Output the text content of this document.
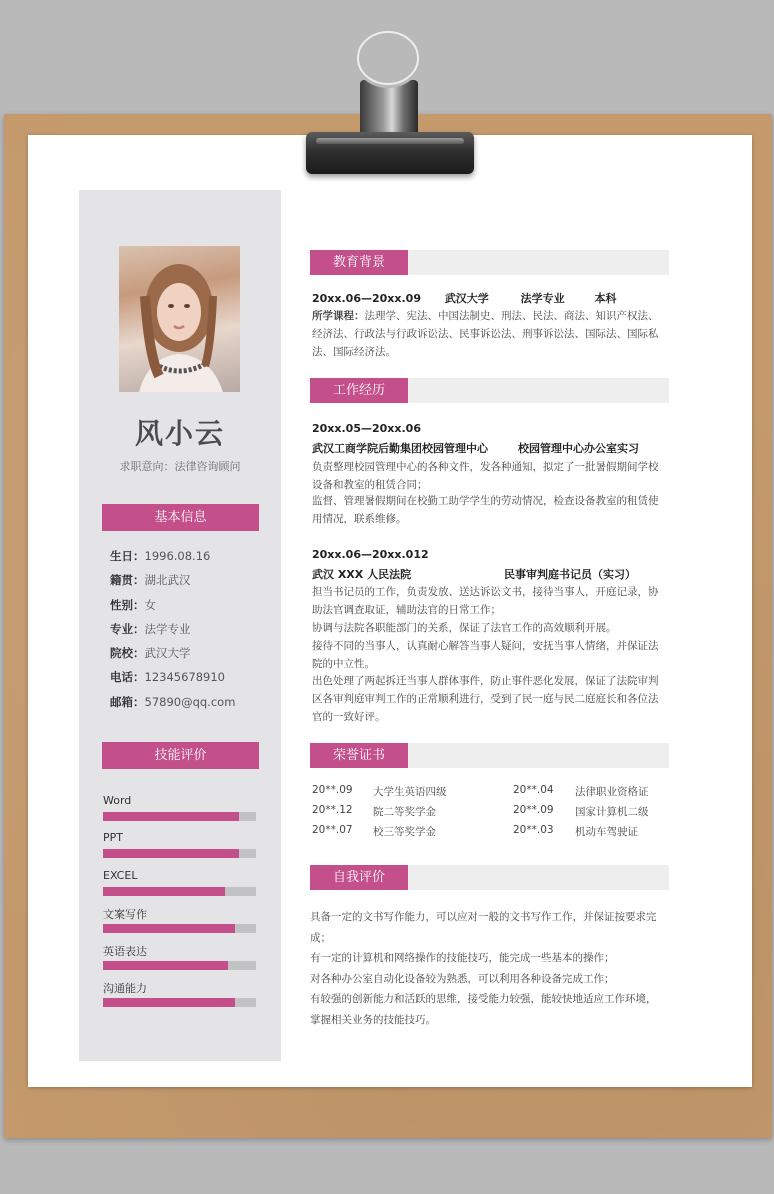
风小云
求职意向：法律咨询顾问
基本信息
生日：1996.08.16
籍贯：湖北武汉
性别：女
专业：法学专业
院校：武汉大学
电话：12345678910
邮箱：57890@qq.com
技能评价
Word
PPT
EXCEL
文案写作
英语表达
沟通能力
教育背景
20xx.06—20xx.09 武汉大学	法学专业	本科
所学课程：法理学、宪法、中国法制史、刑法、民法、商法、知识产权法、经济法、行政法与行政诉讼法、民事诉讼法、刑事诉讼法、国际法、国际私法、国际经济法。
工作经历
20xx.05—20xx.06
武汉工商学院后勤集团校园管理中心	校园管理中心办公室实习
负责整理校园管理中心的各种文件，发各种通知，拟定了一批暑假期间学校设备和教室的租赁合同；
监督、管理暑假期间在校勤工助学学生的劳动情况，检查设备教室的租赁使用情况，联系维修。
20xx.06—20xx.012
武汉 XXX 人民法院	民事审判庭书记员（实习）
担当书记员的工作，负责发放、送达诉讼文书，接待当事人，开庭记录，协助法官调查取证，辅助法官的日常工作；
协调与法院各职能部门的关系，保证了法官工作的高效顺利开展。
接待不同的当事人，认真耐心解答当事人疑问，安抚当事人情绪，并保证法院的中立性。
出色处理了两起拆迁当事人群体事件，防止事件恶化发展，保证了法院审判区各审判庭审判工作的正常顺利进行，受到了民一庭与民二庭庭长和各位法官的一致好评。
荣誉证书
20**.09 大学生英语四级	20**.04 法律职业资格证
20**.12 院二等奖学金	20**.09 国家计算机二级
20**.07 校三等奖学金	20**.03 机动车驾驶证
自我评价
具备一定的文书写作能力，可以应对一般的文书写作工作，并保证按要求完成；
有一定的计算机和网络操作的技能技巧，能完成一些基本的操作；
对各种办公室自动化设备较为熟悉，可以利用各种设备完成工作；
有较强的创新能力和活跃的思维，接受能力较强，能较快地适应工作环境，
掌握相关业务的技能技巧。
